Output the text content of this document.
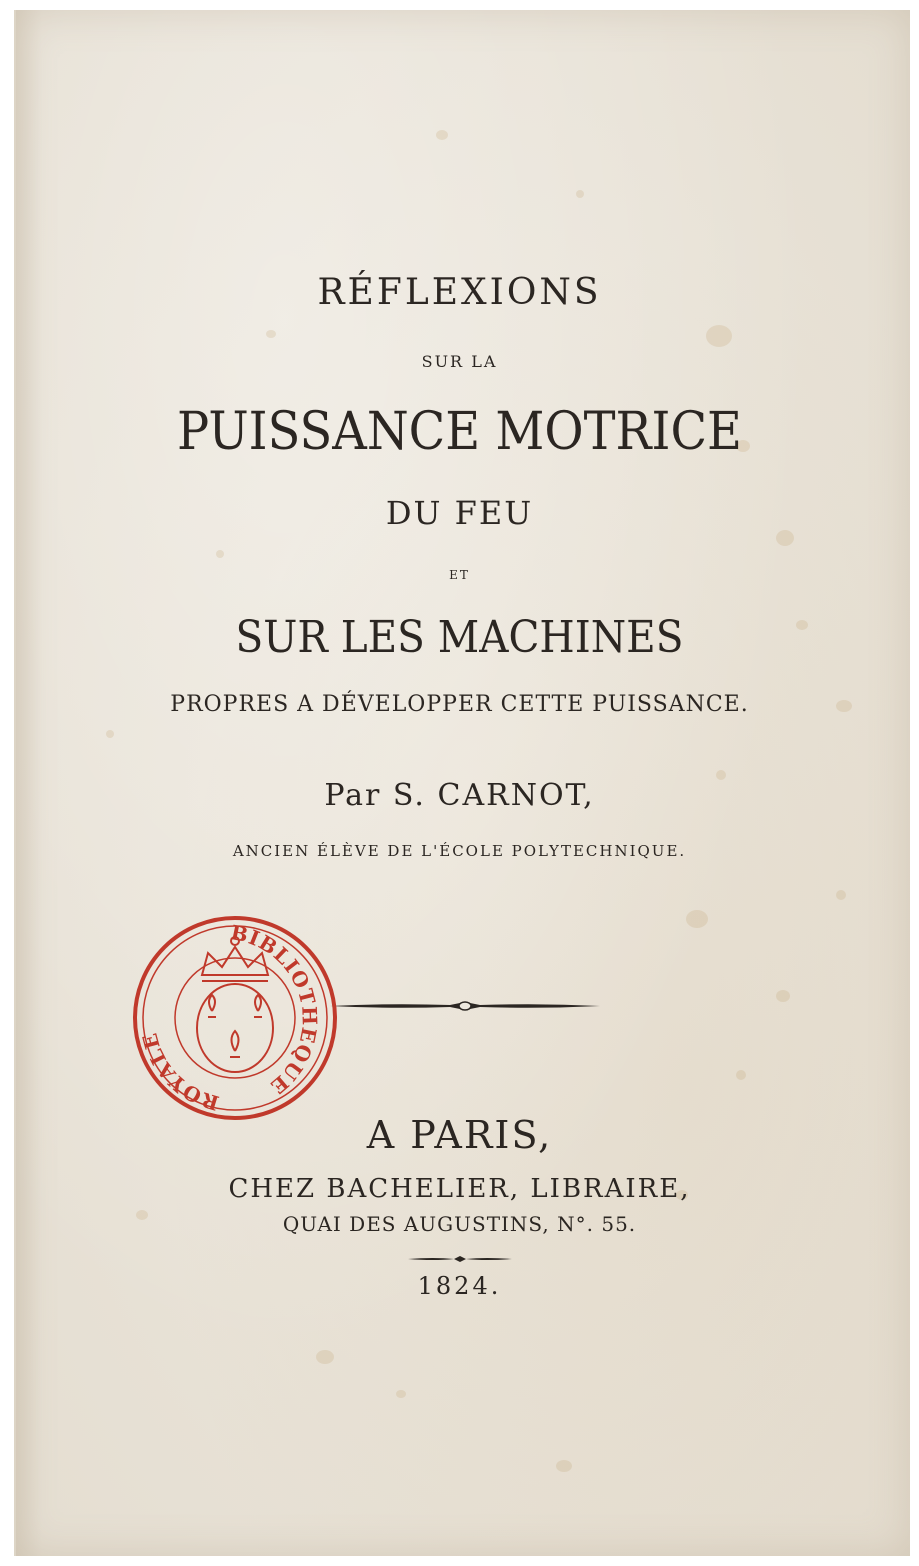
RÉFLEXIONS
SUR LA
PUISSANCE MOTRICE
DU FEU
ET
SUR LES MACHINES
PROPRES A DÉVELOPPER CETTE PUISSANCE.
Par S. CARNOT,
ANCIEN ÉLÈVE DE L'ÉCOLE POLYTECHNIQUE.
ROYALE
BIBLIOTHEQUE
A PARIS,
CHEZ BACHELIER, LIBRAIRE,
QUAI DES AUGUSTINS, N°. 55.
1824.
